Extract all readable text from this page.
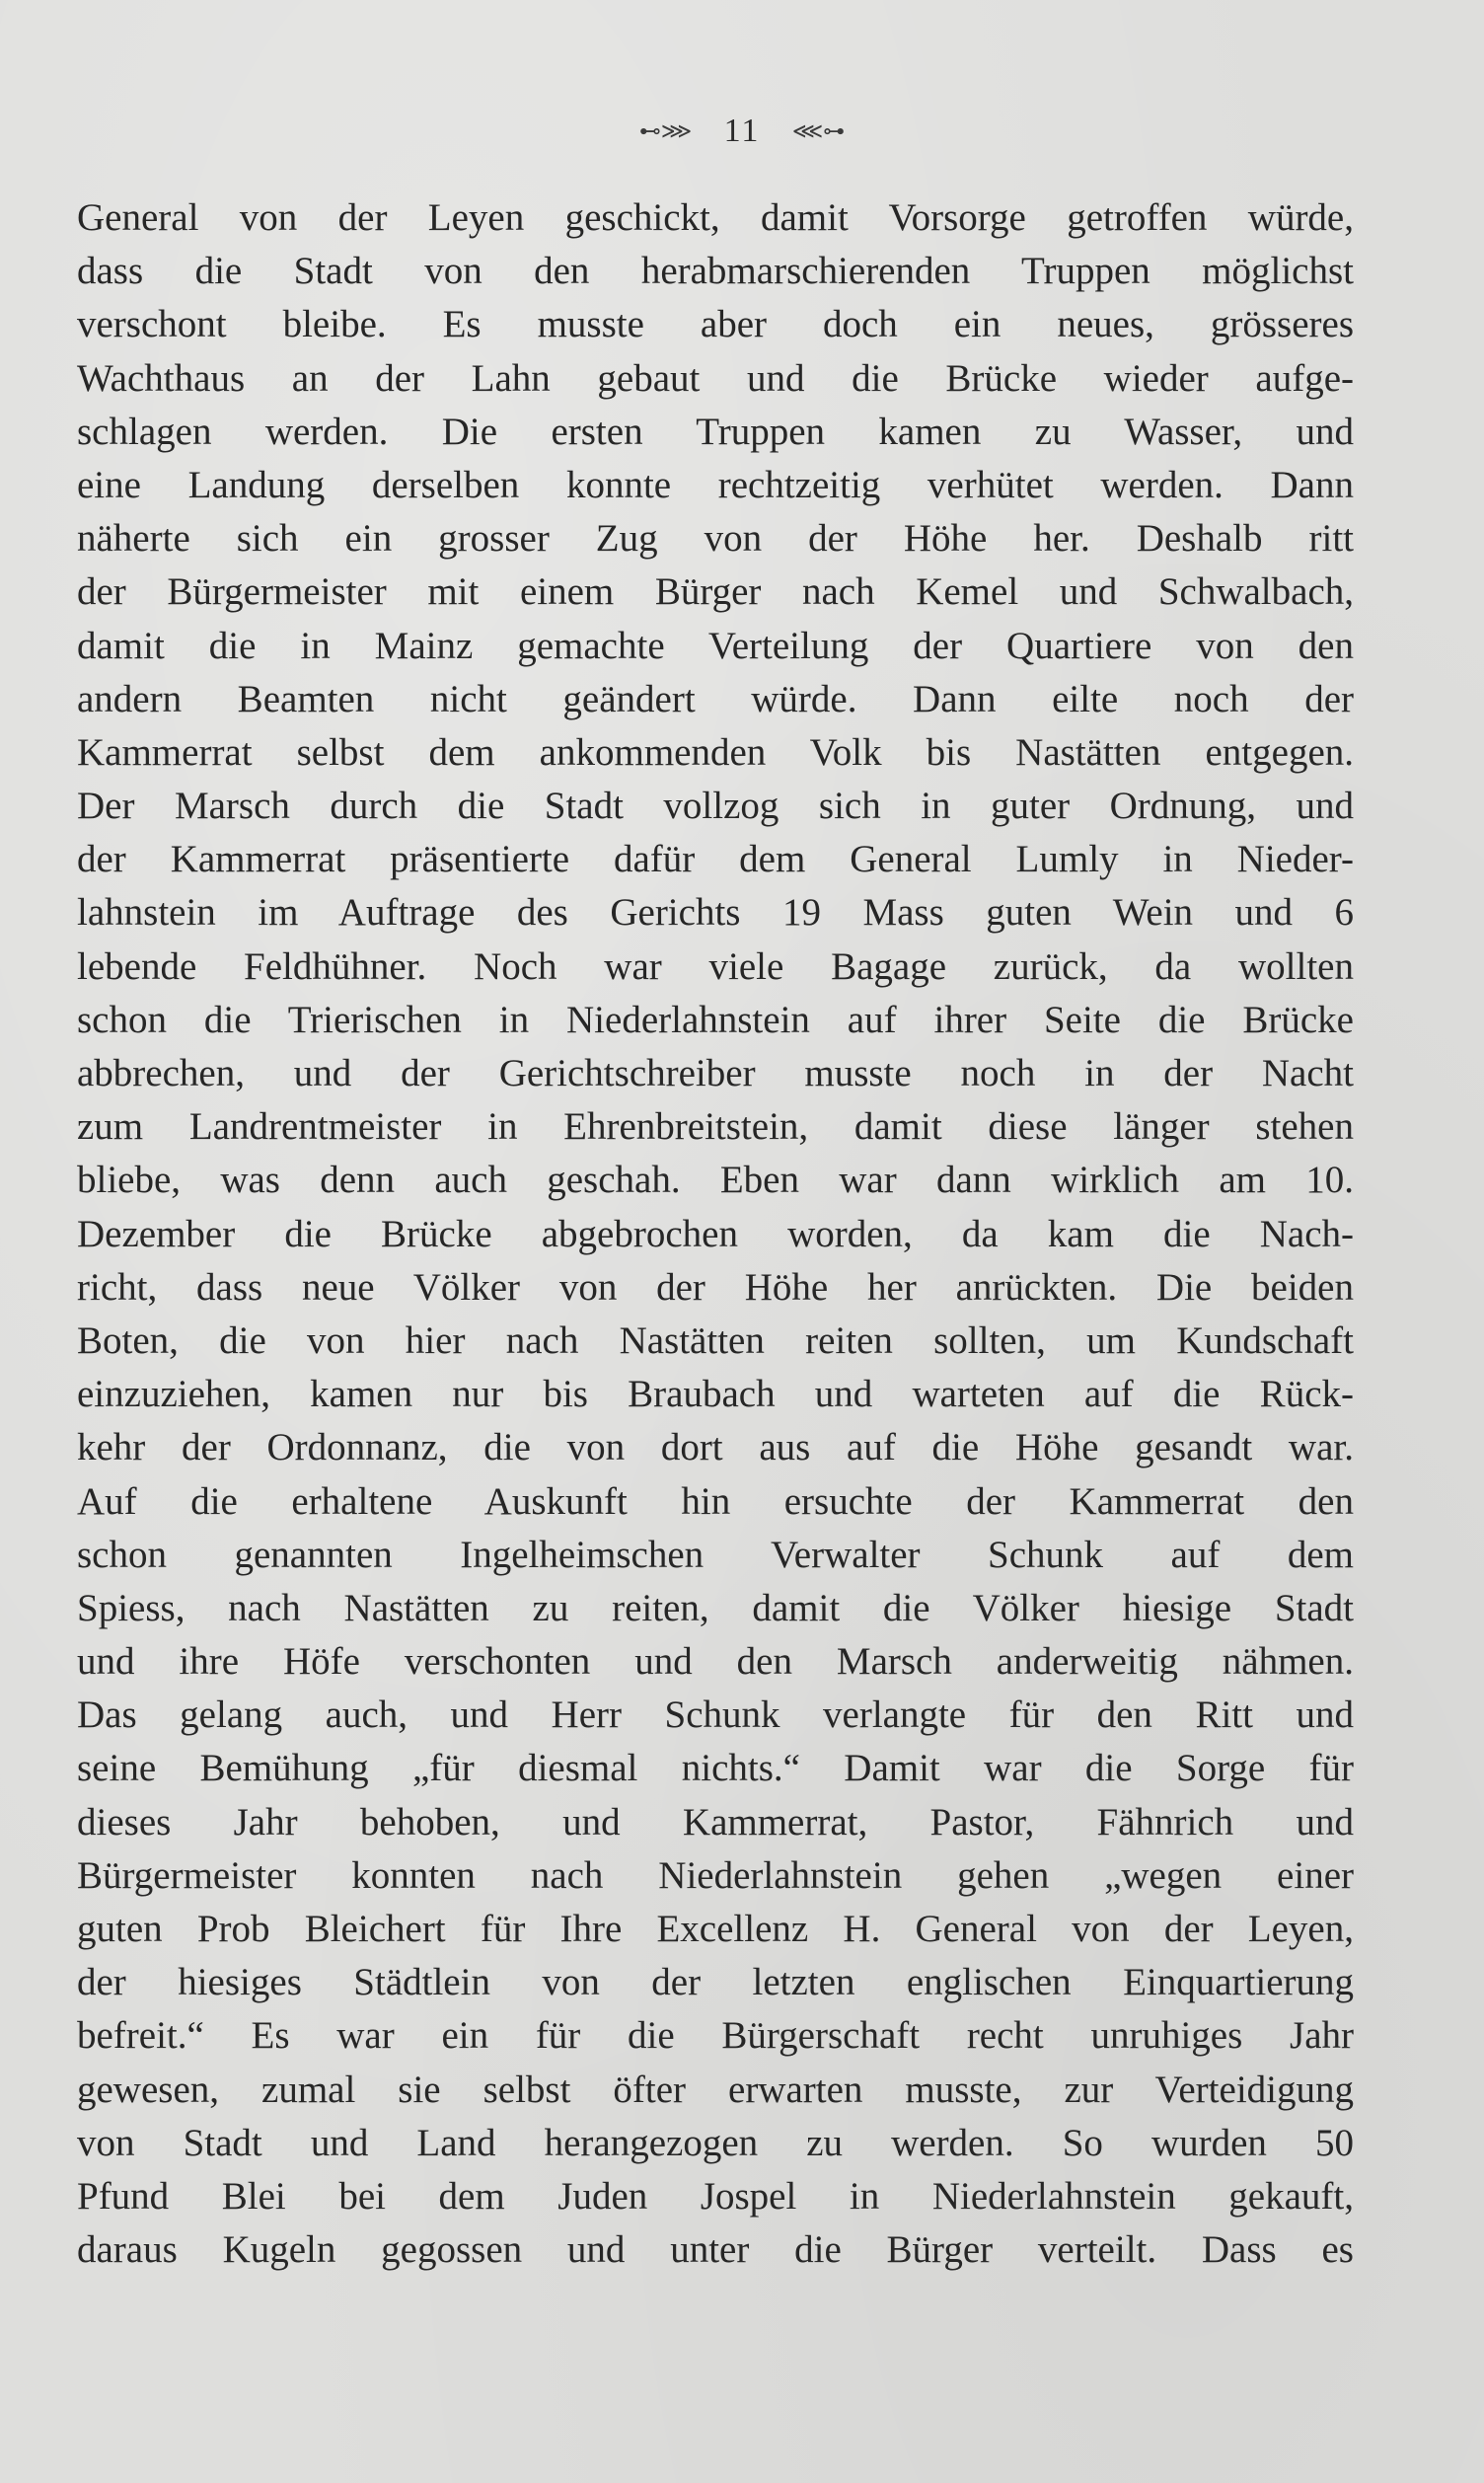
⊷⋙ 11 ⋘⊶
General von der Leyen geschickt, damit Vorsorge getroffen würde,
dass die Stadt von den herabmarschierenden Truppen möglichst
verschont bleibe. Es musste aber doch ein neues, grösseres
Wachthaus an der Lahn gebaut und die Brücke wieder aufge-
schlagen werden. Die ersten Truppen kamen zu Wasser, und
eine Landung derselben konnte rechtzeitig verhütet werden. Dann
näherte sich ein grosser Zug von der Höhe her. Deshalb ritt
der Bürgermeister mit einem Bürger nach Kemel und Schwalbach,
damit die in Mainz gemachte Verteilung der Quartiere von den
andern Beamten nicht geändert würde. Dann eilte noch der
Kammerrat selbst dem ankommenden Volk bis Nastätten entgegen.
Der Marsch durch die Stadt vollzog sich in guter Ordnung, und
der Kammerrat präsentierte dafür dem General Lumly in Nieder-
lahnstein im Auftrage des Gerichts 19 Mass guten Wein und 6
lebende Feldhühner. Noch war viele Bagage zurück, da wollten
schon die Trierischen in Niederlahnstein auf ihrer Seite die Brücke
abbrechen, und der Gerichtschreiber musste noch in der Nacht
zum Landrentmeister in Ehrenbreitstein, damit diese länger stehen
bliebe, was denn auch geschah. Eben war dann wirklich am 10.
Dezember die Brücke abgebrochen worden, da kam die Nach-
richt, dass neue Völker von der Höhe her anrückten. Die beiden
Boten, die von hier nach Nastätten reiten sollten, um Kundschaft
einzuziehen, kamen nur bis Braubach und warteten auf die Rück-
kehr der Ordonnanz, die von dort aus auf die Höhe gesandt war.
Auf die erhaltene Auskunft hin ersuchte der Kammerrat den
schon genannten Ingelheimschen Verwalter Schunk auf dem
Spiess, nach Nastätten zu reiten, damit die Völker hiesige Stadt
und ihre Höfe verschonten und den Marsch anderweitig nähmen.
Das gelang auch, und Herr Schunk verlangte für den Ritt und
seine Bemühung „für diesmal nichts.“ Damit war die Sorge für
dieses Jahr behoben, und Kammerrat, Pastor, Fähnrich und
Bürgermeister konnten nach Niederlahnstein gehen „wegen einer
guten Prob Bleichert für Ihre Excellenz H. General von der Leyen,
der hiesiges Städtlein von der letzten englischen Einquartierung
befreit.“ Es war ein für die Bürgerschaft recht unruhiges Jahr
gewesen, zumal sie selbst öfter erwarten musste, zur Verteidigung
von Stadt und Land herangezogen zu werden. So wurden 50
Pfund Blei bei dem Juden Jospel in Niederlahnstein gekauft,
daraus Kugeln gegossen und unter die Bürger verteilt. Dass es
